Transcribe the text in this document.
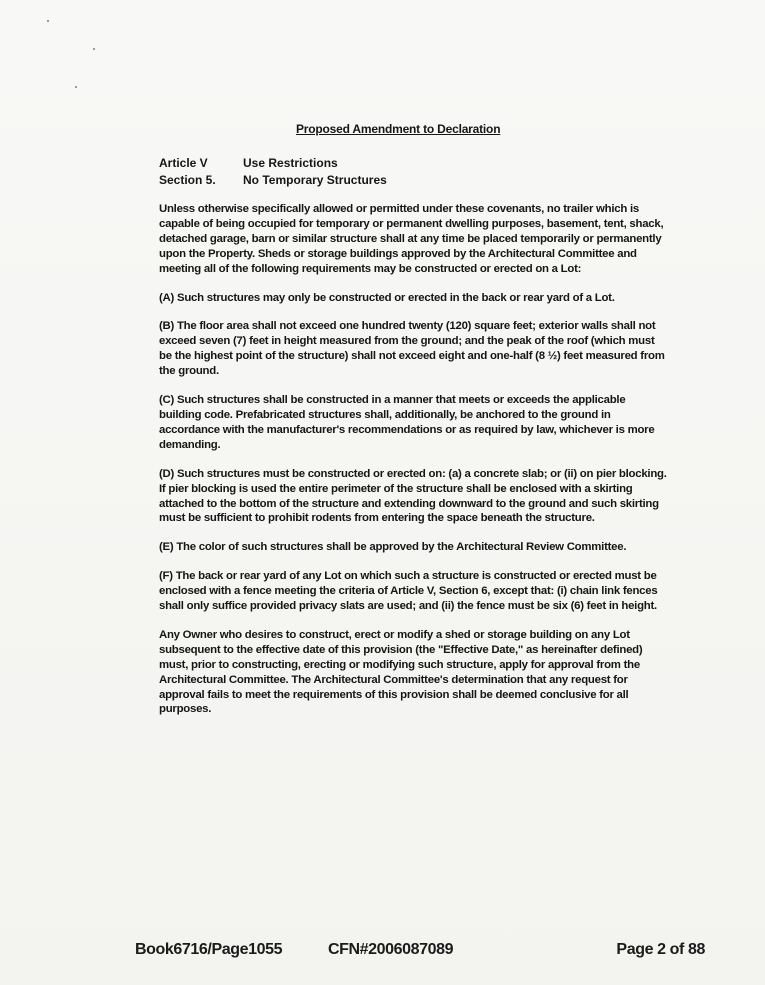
Proposed Amendment to Declaration
Article V	Use Restrictions
Section 5.	No Temporary Structures

Unless otherwise specifically allowed or permitted under these covenants, no trailer which is capable of being occupied for temporary or permanent dwelling purposes, basement, tent, shack, detached garage, barn or similar structure shall at any time be placed temporarily or permanently upon the Property. Sheds or storage buildings approved by the Architectural Committee and meeting all of the following requirements may be constructed or erected on a Lot:

(A) Such structures may only be constructed or erected in the back or rear yard of a Lot.

(B) The floor area shall not exceed one hundred twenty (120) square feet; exterior walls shall not exceed seven (7) feet in height measured from the ground; and the peak of the roof (which must be the highest point of the structure) shall not exceed eight and one-half (8 ½) feet measured from the ground.

(C) Such structures shall be constructed in a manner that meets or exceeds the applicable building code. Prefabricated structures shall, additionally, be anchored to the ground in accordance with the manufacturer's recommendations or as required by law, whichever is more demanding.

(D) Such structures must be constructed or erected on: (a) a concrete slab; or (ii) on pier blocking. If pier blocking is used the entire perimeter of the structure shall be enclosed with a skirting attached to the bottom of the structure and extending downward to the ground and such skirting must be sufficient to prohibit rodents from entering the space beneath the structure.

(E) The color of such structures shall be approved by the Architectural Review Committee.

(F) The back or rear yard of any Lot on which such a structure is constructed or erected must be enclosed with a fence meeting the criteria of Article V, Section 6, except that: (i) chain link fences shall only suffice provided privacy slats are used; and (ii) the fence must be six (6) feet in height.

Any Owner who desires to construct, erect or modify a shed or storage building on any Lot subsequent to the effective date of this provision (the "Effective Date," as hereinafter defined) must, prior to constructing, erecting or modifying such structure, apply for approval from the Architectural Committee. The Architectural Committee's determination that any request for approval fails to meet the requirements of this provision shall be deemed conclusive for all purposes.

Book6716/Page1055	CFN#2006087089	Page 2 of 88
